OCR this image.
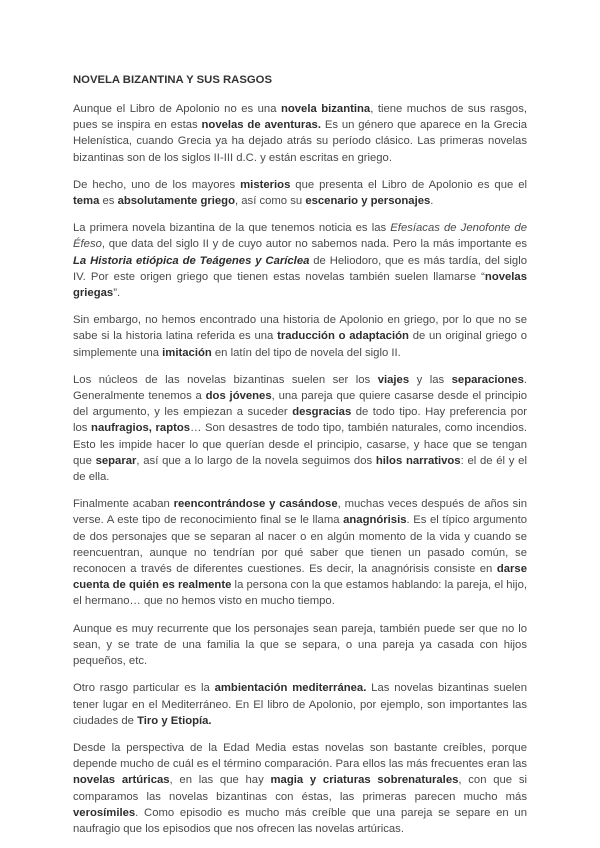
NOVELA BIZANTINA Y SUS RASGOS

Aunque el Libro de Apolonio no es una novela bizantina, tiene muchos de sus rasgos, pues se inspira en estas novelas de aventuras. Es un género que aparece en la Grecia Helenística, cuando Grecia ya ha dejado atrás su período clásico. Las primeras novelas bizantinas son de los siglos II-III d.C. y están escritas en griego.

De hecho, uno de los mayores misterios que presenta el Libro de Apolonio es que el tema es absolutamente griego, así como su escenario y personajes.

La primera novela bizantina de la que tenemos noticia es las Efesíacas de Jenofonte de Éfeso, que data del siglo II y de cuyo autor no sabemos nada. Pero la más importante es La Historia etiópica de Teágenes y Caríclea de Heliodoro, que es más tardía, del siglo IV. Por este origen griego que tienen estas novelas también suelen llamarse “novelas griegas”.

Sin embargo, no hemos encontrado una historia de Apolonio en griego, por lo que no se sabe si la historia latina referida es una traducción o adaptación de un original griego o simplemente una imitación en latín del tipo de novela del siglo II.

Los núcleos de las novelas bizantinas suelen ser los viajes y las separaciones. Generalmente tenemos a dos jóvenes, una pareja que quiere casarse desde el principio del argumento, y les empiezan a suceder desgracias de todo tipo. Hay preferencia por los naufragios, raptos… Son desastres de todo tipo, también naturales, como incendios. Esto les impide hacer lo que querían desde el principio, casarse, y hace que se tengan que separar, así que a lo largo de la novela seguimos dos hilos narrativos: el de él y el de ella.

Finalmente acaban reencontrándose y casándose, muchas veces después de años sin verse. A este tipo de reconocimiento final se le llama anagnórisis. Es el típico argumento de dos personajes que se separan al nacer o en algún momento de la vida y cuando se reencuentran, aunque no tendrían por qué saber que tienen un pasado común, se reconocen a través de diferentes cuestiones. Es decir, la anagnórisis consiste en darse cuenta de quién es realmente la persona con la que estamos hablando: la pareja, el hijo, el hermano… que no hemos visto en mucho tiempo.

Aunque es muy recurrente que los personajes sean pareja, también puede ser que no lo sean, y se trate de una familia la que se separa, o una pareja ya casada con hijos pequeños, etc.

Otro rasgo particular es la ambientación mediterránea. Las novelas bizantinas suelen tener lugar en el Mediterráneo. En El libro de Apolonio, por ejemplo, son importantes las ciudades de Tiro y Etiopía.

Desde la perspectiva de la Edad Media estas novelas son bastante creíbles, porque depende mucho de cuál es el término comparación. Para ellos las más frecuentes eran las novelas artúricas, en las que hay magia y criaturas sobrenaturales, con que si comparamos las novelas bizantinas con éstas, las primeras parecen mucho más verosímiles. Como episodio es mucho más creíble que una pareja se separe en un naufragio que los episodios que nos ofrecen las novelas artúricas.
